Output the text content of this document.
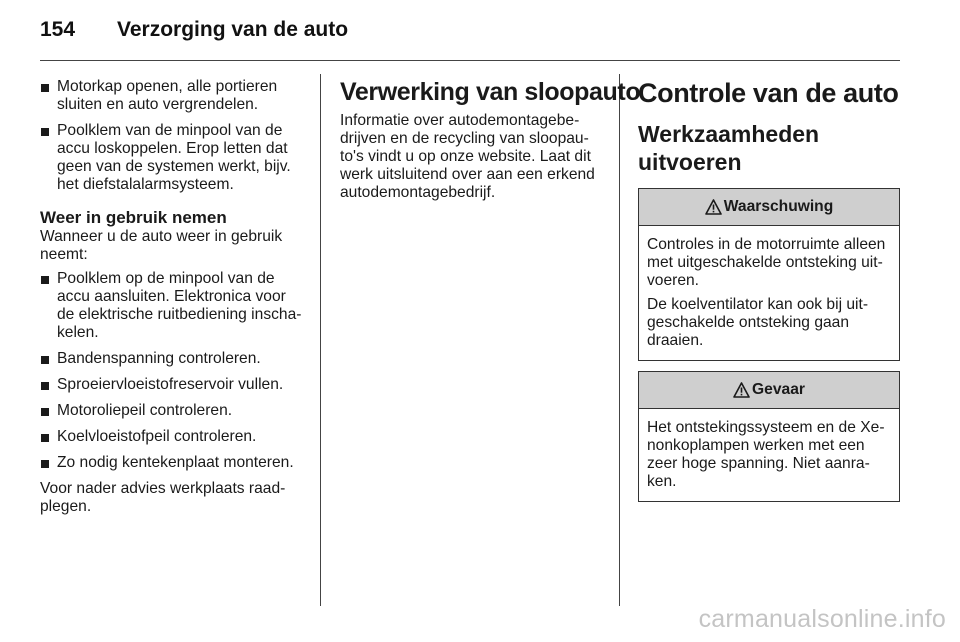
154 Verzorging van de auto
Motorkap openen, alle portieren sluiten en auto vergrendelen.
Poolklem van de minpool van de accu loskoppelen. Erop letten dat geen van de systemen werkt, bijv. het diefstalalarmsysteem.
Weer in gebruik nemen

Wanneer u de auto weer in gebruik neemt:

Poolklem op de minpool van de accu aansluiten. Elektronica voor de elektrische ruitbediening inschakelen.
Bandenspanning controleren.
Sproeiervloeistofreservoir vullen.
Motoroliepeil controleren.
Koelvloeistofpeil controleren.
Zo nodig kentekenplaat monteren.

Voor nader advies werkplaats raadplegen.

Verwerking van sloopauto

Informatie over autodemontagebedrijven en de recycling van sloopauto's vindt u op onze website. Laat dit werk uitsluitend over aan een erkend autodemontagebedrijf.

Controle van de auto
Werkzaamheden uitvoeren
Waarschuwing

Controles in de motorruimte alleen met uitgeschakelde ontsteking uitvoeren.

De koelventilator kan ook bij uitgeschakelde ontsteking gaan draaien.

Gevaar

Het ontstekingssysteem en de Xenonkoplampen werken met een zeer hoge spanning. Niet aanraken.

carmanualsonline.info
